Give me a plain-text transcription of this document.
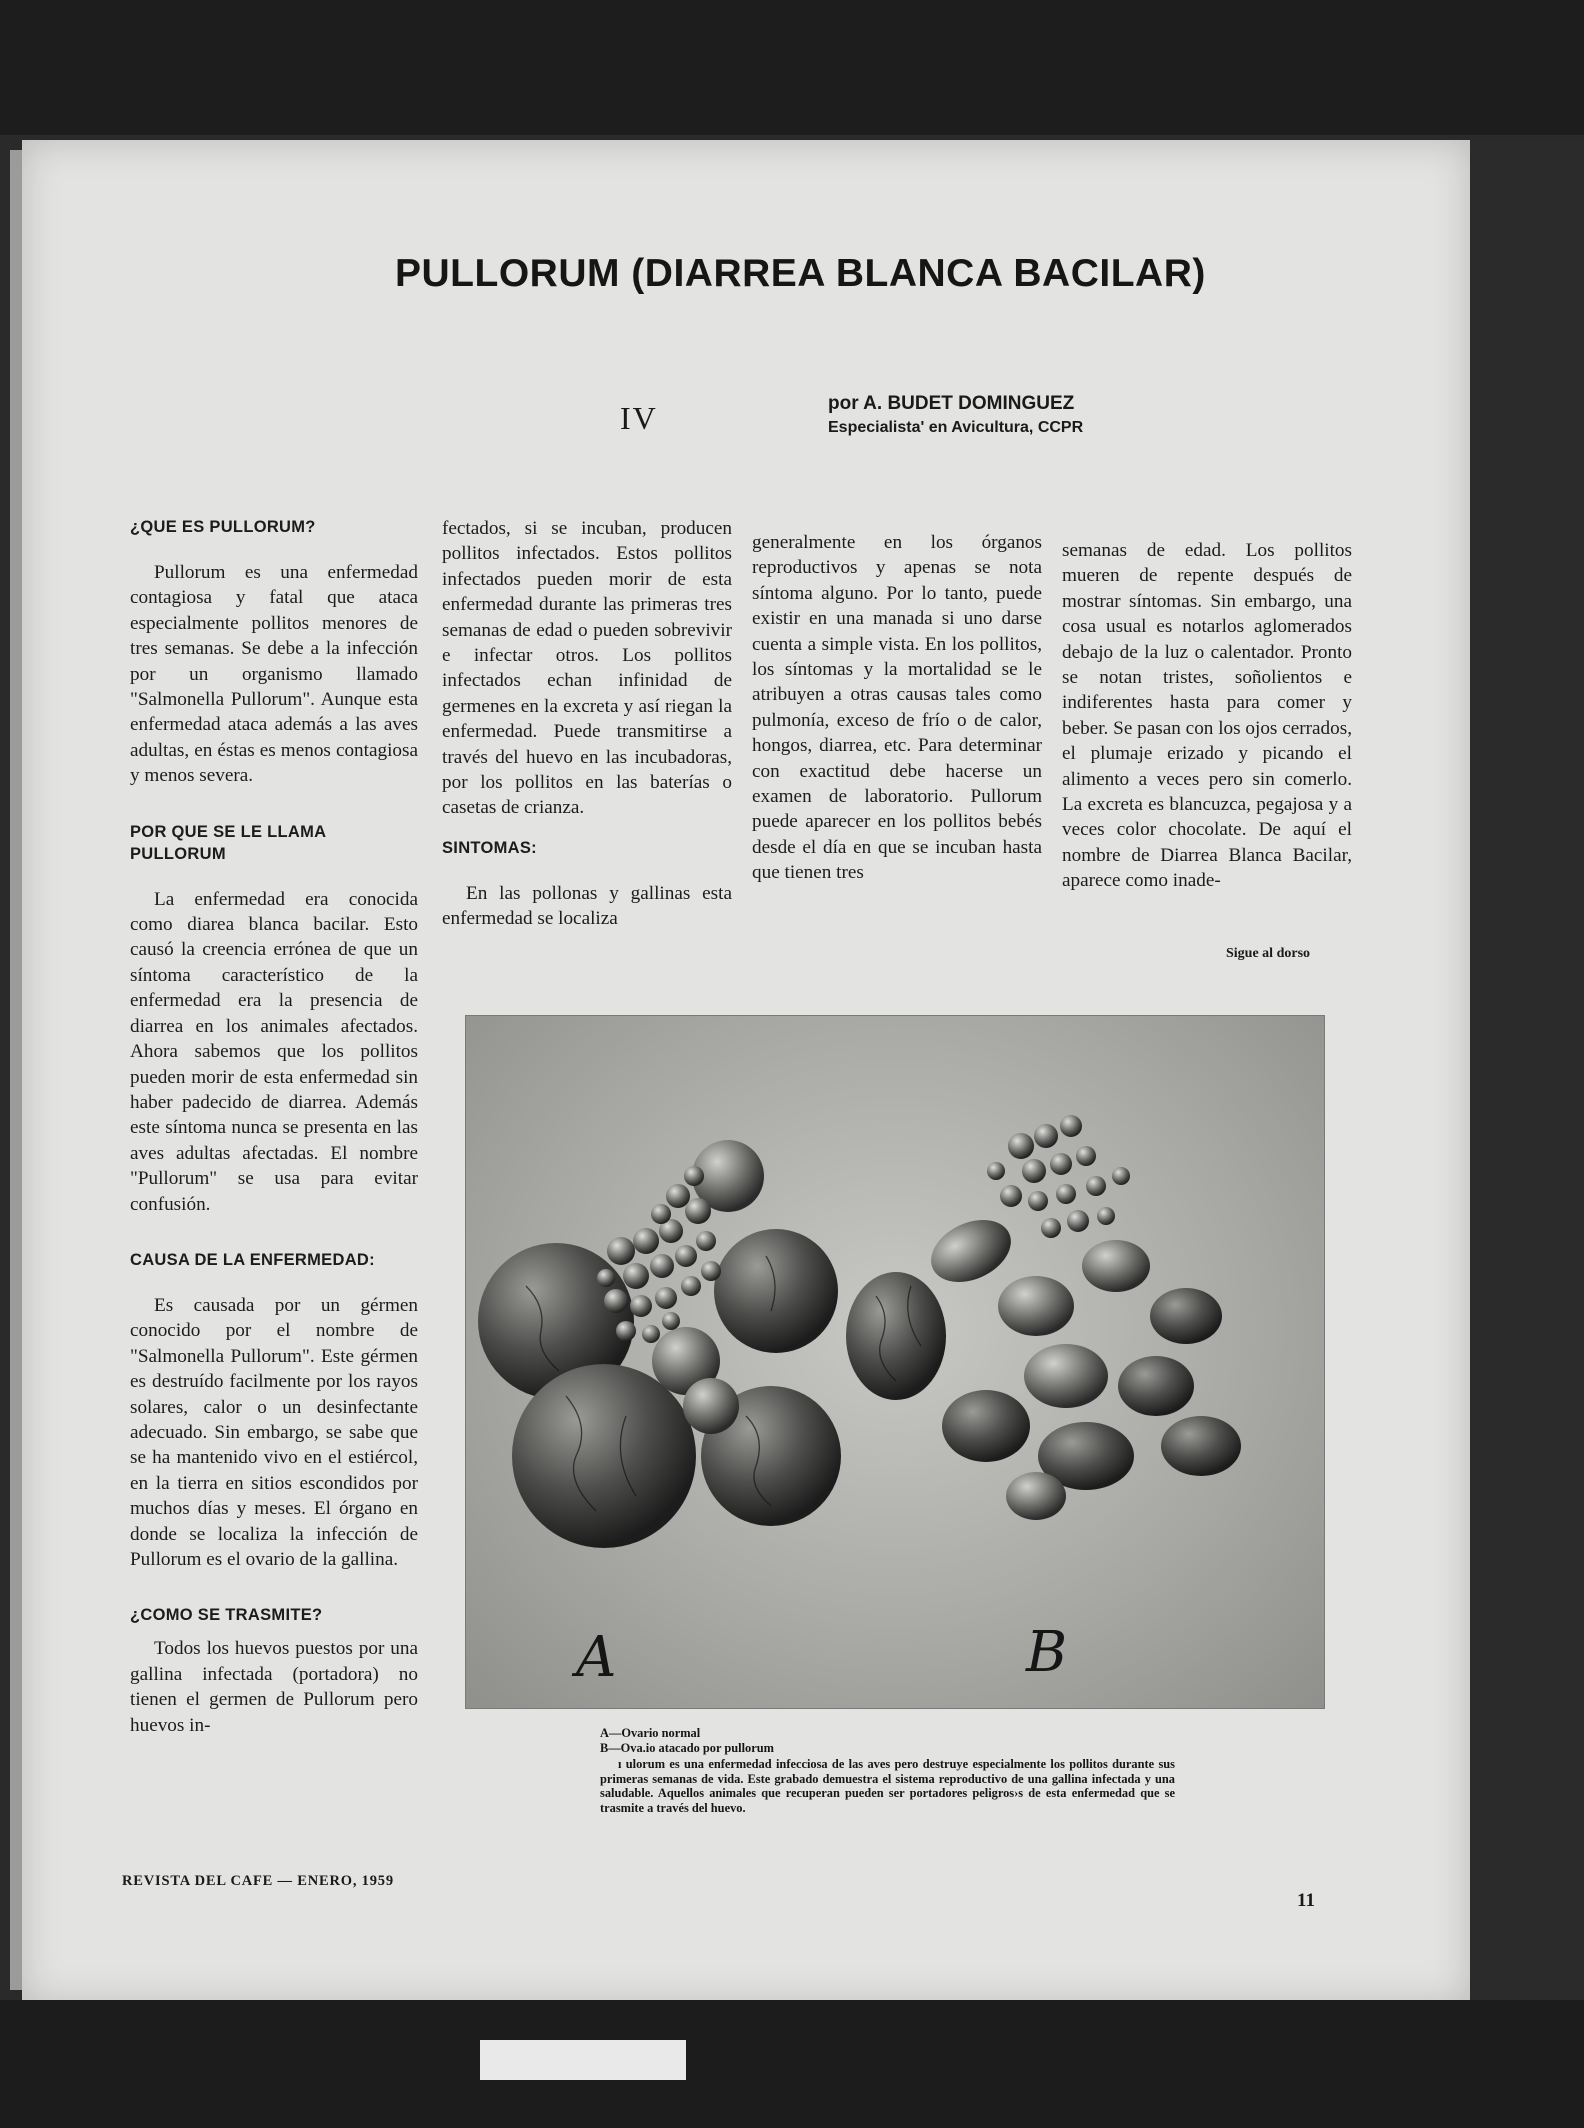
PULLORUM (DIARREA BLANCA BACILAR)
IV	por A. BUDET DOMINGUEZ
Especialista' en Avicultura, CCPR

¿QUE ES PULLORUM?

Pullorum es una enfermedad contagiosa y fatal que ataca especialmente pollitos menores de tres semanas. Se debe a la infección por un organismo llamado "Salmonella Pullorum". Aunque esta enfermedad ataca además a las aves adultas, en éstas es menos contagiosa y menos severa.

POR QUE SE LE LLAMA PULLORUM

La enfermedad era conocida como diarea blanca bacilar. Esto causó la creencia errónea de que un síntoma característico de la enfermedad era la presencia de diarrea en los animales afectados. Ahora sabemos que los pollitos pueden morir de esta enfermedad sin haber padecido de diarrea. Además este síntoma nunca se presenta en las aves adultas afectadas. El nombre "Pullorum" se usa para evitar confusión.

CAUSA DE LA ENFERMEDAD:

Es causada por un gérmen conocido por el nombre de "Salmonella Pullorum". Este gérmen es destruído facilmente por los rayos solares, calor o un desinfectante adecuado. Sin embargo, se sabe que se ha mantenido vivo en el estiércol, en la tierra en sitios escondidos por muchos días y meses. El órgano en donde se localiza la infección de Pullorum es el ovario de la gallina.

¿COMO SE TRASMITE?

Todos los huevos puestos por una gallina infectada (portadora) no tienen el germen de Pullorum pero huevos in-

fectados, si se incuban, producen pollitos infectados. Estos pollitos infectados pueden morir de esta enfermedad durante las primeras tres semanas de edad o pueden sobrevivir e infectar otros. Los pollitos infectados echan infinidad de germenes en la excreta y así riegan la enfermedad. Puede transmitirse a través del huevo en las incubadoras, por los pollitos en las baterías o casetas de crianza.

SINTOMAS:

En las pollonas y gallinas esta enfermedad se localiza

generalmente en los órganos reproductivos y apenas se nota síntoma alguno. Por lo tanto, puede existir en una manada si uno darse cuenta a simple vista. En los pollitos, los síntomas y la mortalidad se le atribuyen a otras causas tales como pulmonía, exceso de frío o de calor, hongos, diarrea, etc. Para determinar con exactitud debe hacerse un examen de laboratorio. Pullorum puede aparecer en los pollitos bebés desde el día en que se incuban hasta que tienen tres

semanas de edad. Los pollitos mueren de repente después de mostrar síntomas. Sin embargo, una cosa usual es notarlos aglomerados debajo de la luz o calentador. Pronto se notan tristes, soñolientos e indiferentes hasta para comer y beber. Se pasan con los ojos cerrados, el plumaje erizado y picando el alimento a veces pero sin comerlo. La excreta es blancuzca, pegajosa y a veces color chocolate. De aquí el nombre de Diarrea Blanca Bacilar, aparece como inade-

Sigue al dorso
A	B
A—Ovario normal
B—Ova.io atacado por pullorum
ı ulorum es una enfermedad infecciosa de las aves pero destruye especialmente los pollitos durante sus primeras semanas de vida. Este grabado demuestra el sistema reproductivo de una gallina infectada y una saludable. Aquellos animales que recuperan pueden ser portadores peligros›s de esta enfermedad que se trasmite a través del huevo.
REVISTA DEL CAFE — ENERO, 1959
11
